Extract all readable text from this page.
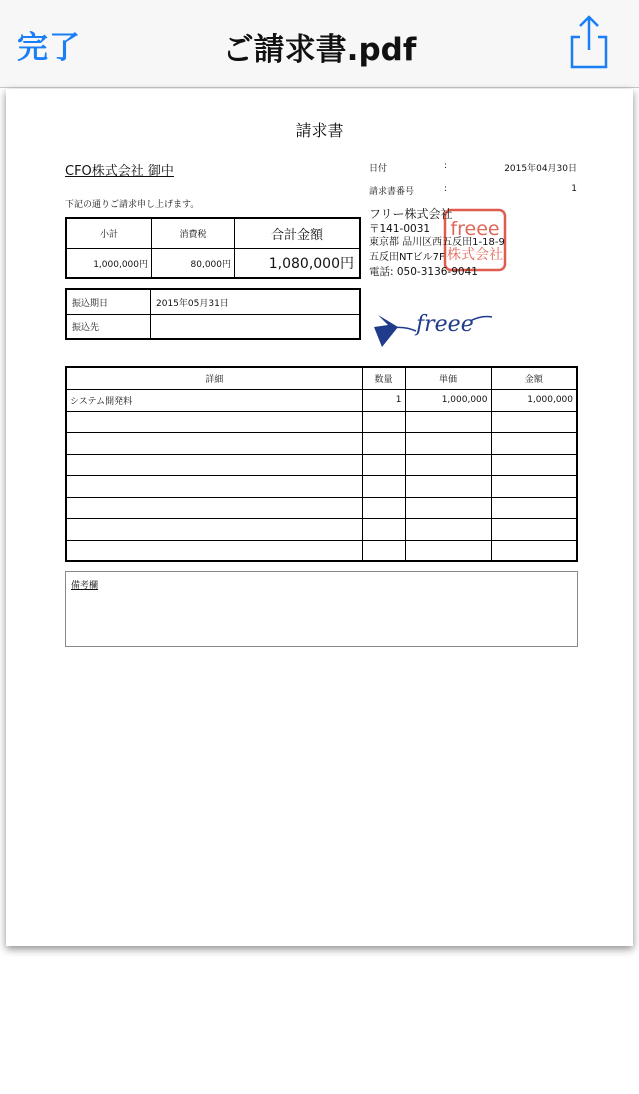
完了	ご請求書.pdf
請求書
CFO株式会社 御中
下記の通りご請求申し上げます。
小計	消費税	合計金額
1,000,000円	80,000円	1,080,000円
振込期日	2015年05月31日
振込先
日付	:	2015年04月30日
請求書番号	:	1
freee
株式会社
フリー株式会社
〒141-0031
東京都 品川区西五反田1-18-9
五反田NTビル7F
電話: 050-3136-9041
freee
詳細	数量	単価	金額
システム開発料	1	1,000,000	1,000,000

備考欄
